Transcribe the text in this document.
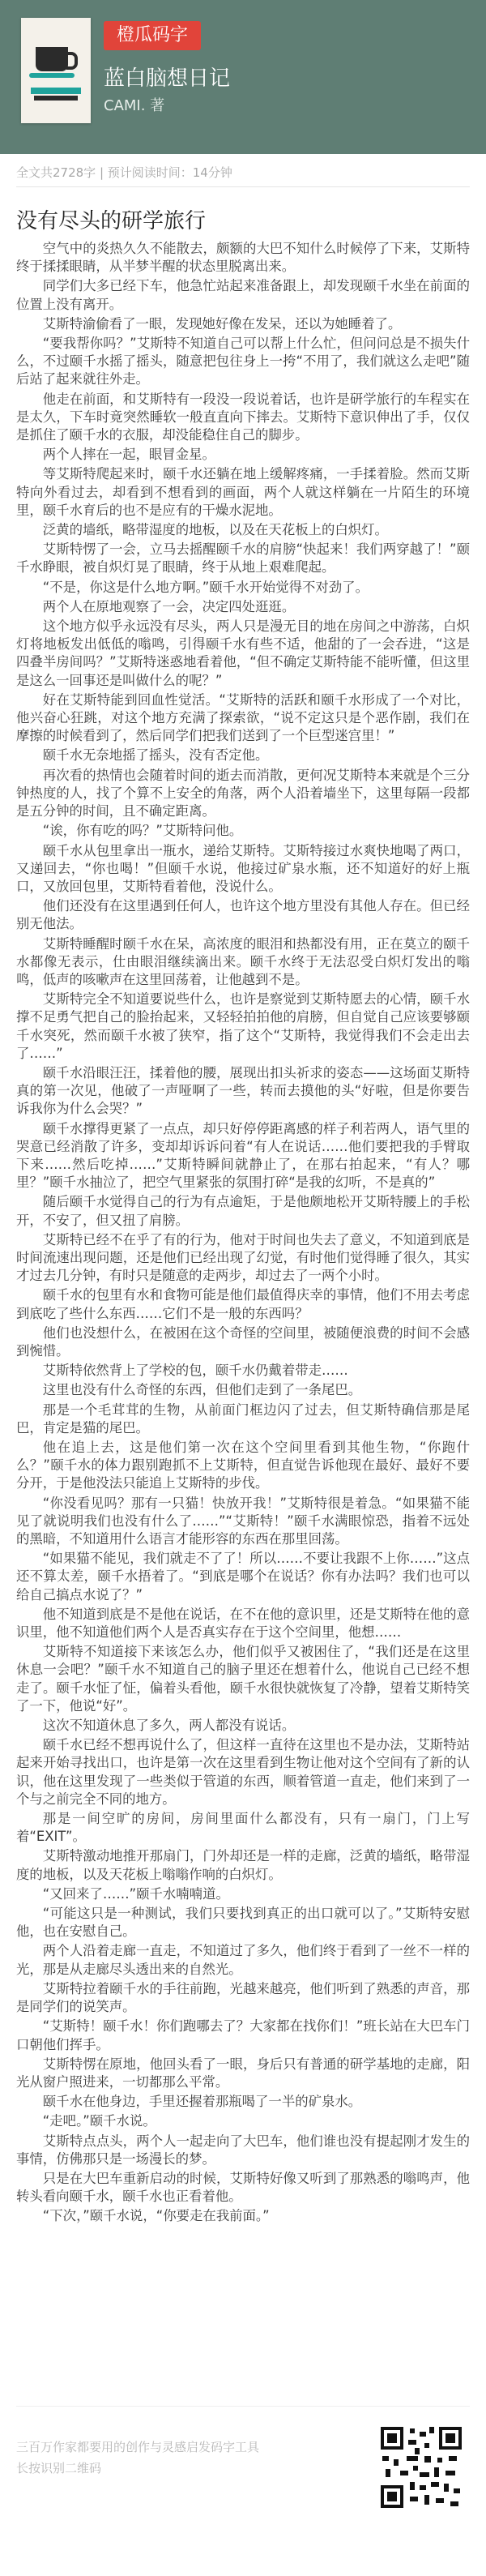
橙瓜码字
蓝白脑想日记
CAMI. 著
全文共2728字 | 预计阅读时间：14分钟
没有尽头的研学旅行

空气中的炎热久久不能散去，颇额的大巴不知什么时候停了下来，艾斯特终于揉揉眼睛，从半梦半醒的状态里脱离出来。

同学们大多已经下车，他急忙站起来准备跟上，却发现颐千水坐在前面的位置上没有离开。

艾斯特渝偷看了一眼，发现她好像在发呆，还以为她睡着了。

“要我帮你吗？”艾斯特不知道自己可以帮上什么忙，但问问总是不损失什么，不过颐千水摇了摇头，随意把包往身上一挎“不用了，我们就这么走吧”随后站了起来就往外走。

他走在前面，和艾斯特有一段没一段说着话，也许是研学旅行的车程实在是太久，下车时竟突然睡软一般直直向下摔去。艾斯特下意识伸出了手，仅仅是抓住了颐千水的衣服，却没能稳住自己的脚步。

两个人摔在一起，眼冒金星。

等艾斯特爬起来时，颐千水还躺在地上缓解疼痛，一手揉着脸。然而艾斯特向外看过去，却看到不想看到的画面，两个人就这样躺在一片陌生的环境里，颐千水育后的也不是应有的干燥水泥地。

泛黄的墙纸，略带湿度的地板，以及在天花板上的白炽灯。

艾斯特愣了一会，立马去摇醒颐千水的肩膀“快起来！我们两穿越了！”颐千水睁眼，被自炽灯晃了眼睛，终于从地上艰难爬起。

“不是，你这是什么地方啊。”颐千水开始觉得不对劲了。

两个人在原地观察了一会，决定四处逛逛。

这个地方似乎永远没有尽头，两人只是漫无目的地在房间之中游荡，白炽灯将地板发出低低的嗡鸣，引得颐千水有些不适，他甜的了一会吞进，“这是四叠半房间吗？”艾斯特迷惑地看着他，“但不确定艾斯特能不能听懂，但这里是这么一回事还是叫做什么的呢？”

好在艾斯特能到回血性觉活。“艾斯特的活跃和颐千水形成了一个对比，他兴奋心狂跳，对这个地方充满了探索欲，“说不定这只是个恶作剧，我们在摩擦的时候看到了，然后同学们把我们送到了一个巨型迷宫里！”

颐千水无奈地摇了摇头，没有否定他。

再次看的热情也会随着时间的逝去而消散，更何况艾斯特本来就是个三分钟热度的人，找了个算不上安全的角落，两个人沿着墙坐下，这里每隔一段都是五分钟的时间，且不确定距离。

“诶，你有吃的吗？”艾斯特问他。

颐千水从包里拿出一瓶水，递给艾斯特。艾斯特接过水爽快地喝了两口，又递回去，“你也喝！”但颐千水说，他接过矿泉水瓶，还不知道好的好上瓶口，又放回包里，艾斯特看着他，没说什么。

他们还没有在这里遇到任何人，也许这个地方里没有其他人存在。但已经别无他法。

艾斯特睡醒时颐千水在呆，高浓度的眼泪和热都没有用，正在莫立的颐千水都像无表示，仕由眼泪继续滴出来。颐千水终于无法忍受白炽灯发出的嗡鸣，低声的咳嗽声在这里回荡着，让他越到不是。

艾斯特完全不知道要说些什么，也许是察觉到艾斯特愿去的心情，颐千水撑不足勇气把自己的脸抬起来，又轻轻拍拍他的肩膀，但自觉自己应该要够颐千水突死，然而颐千水被了狭窄，指了这个“艾斯特，我觉得我们不会走出去了……”

颐千水沿眼汪汪，揉着他的腰，展现出扣头祈求的姿态——这场面艾斯特真的第一次见，他破了一声哑啊了一些，转而去摸他的头“好啦，但是你要告诉我你为什么会哭？”

颐千水撑得更紧了一点点，却只好停停距离感的样子利若两人，语气里的哭意已经消散了许多，变却却诉诉问着“有人在说话……他们要把我的手臂取下来……然后吃掉……”艾斯特瞬间就静止了，在那右拍起来，“有人？哪里？”颐千水抽泣了，把空气里紧张的氛围打碎“是我的幻听，不是真的”

随后颐千水觉得自己的行为有点逾矩，于是他颇地松开艾斯特腰上的手松开，不安了，但又扭了肩膀。

艾斯特已经不在乎了有的行为，他对于时间也失去了意义，不知道到底是时间流速出现问题，还是他们已经出现了幻觉，有时他们觉得睡了很久，其实才过去几分钟，有时只是随意的走两步，却过去了一两个小时。

颐千水的包里有水和食物可能是他们最值得庆幸的事情，他们不用去考虑到底吃了些什么东西……它们不是一般的东西吗？

他们也没想什么，在被困在这个奇怪的空间里，被随便浪费的时间不会感到惋惜。

艾斯特依然背上了学校的包，颐千水仍戴着带走……

这里也没有什么奇怪的东西，但他们走到了一条尾巴。

那是一个毛茸茸的生物，从前面门框边闪了过去，但艾斯特确信那是尾巴，肯定是猫的尾巴。

他在追上去，这是他们第一次在这个空间里看到其他生物，“你跑什么？”颐千水的体力跟别跑抓不上艾斯特，但直觉告诉他现在最好、最好不要分开，于是他没法只能追上艾斯特的步伐。

“你没看见吗？那有一只猫！快放开我！”艾斯特很是着急。“如果猫不能见了就说明我们也没有什么了……”“艾斯特！”颐千水满眼惊恐，指着不远处的黑暗，不知道用什么语言才能形容的东西在那里回荡。

“如果猫不能见，我们就走不了了！所以……不要让我跟不上你……”这点还不算太差，颐千水捂着了。“到底是哪个在说话？你有办法吗？我们也可以给自己搞点水说了？”

他不知道到底是不是他在说话，在不在他的意识里，还是艾斯特在他的意识里，他不知道他们两个人是否真实存在于这个空间里，他想……

艾斯特不知道接下来该怎么办，他们似乎又被困住了，“我们还是在这里休息一会吧？”颐千水不知道自己的脑子里还在想着什么，他说自己已经不想走了。颐千水怔了怔，偏着头看他，颐千水很快就恢复了冷静，望着艾斯特笑了一下，他说“好”。

这次不知道休息了多久，两人都没有说话。

颐千水已经不想再说什么了，但这样一直待在这里也不是办法，艾斯特站起来开始寻找出口，也许是第一次在这里看到生物让他对这个空间有了新的认识，他在这里发现了一些类似于管道的东西，顺着管道一直走，他们来到了一个与之前完全不同的地方。

那是一间空旷的房间，房间里面什么都没有，只有一扇门，门上写着“EXIT”。

艾斯特激动地推开那扇门，门外却还是一样的走廊，泛黄的墙纸，略带湿度的地板，以及天花板上嗡嗡作响的白炽灯。

“又回来了……”颐千水喃喃道。

“可能这只是一种测试，我们只要找到真正的出口就可以了。”艾斯特安慰他，也在安慰自己。

两个人沿着走廊一直走，不知道过了多久，他们终于看到了一丝不一样的光，那是从走廊尽头透出来的自然光。

艾斯特拉着颐千水的手往前跑，光越来越亮，他们听到了熟悉的声音，那是同学们的说笑声。

“艾斯特！颐千水！你们跑哪去了？大家都在找你们！”班长站在大巴车门口朝他们挥手。

艾斯特愣在原地，他回头看了一眼，身后只有普通的研学基地的走廊，阳光从窗户照进来，一切都那么平常。

颐千水在他身边，手里还握着那瓶喝了一半的矿泉水。

“走吧。”颐千水说。

艾斯特点点头，两个人一起走向了大巴车，他们谁也没有提起刚才发生的事情，仿佛那只是一场漫长的梦。

只是在大巴车重新启动的时候，艾斯特好像又听到了那熟悉的嗡鸣声，他转头看向颐千水，颐千水也正看着他。

“下次，”颐千水说，“你要走在我前面。”

三百万作家都要用的创作与灵感启发码字工具
长按识别二维码
